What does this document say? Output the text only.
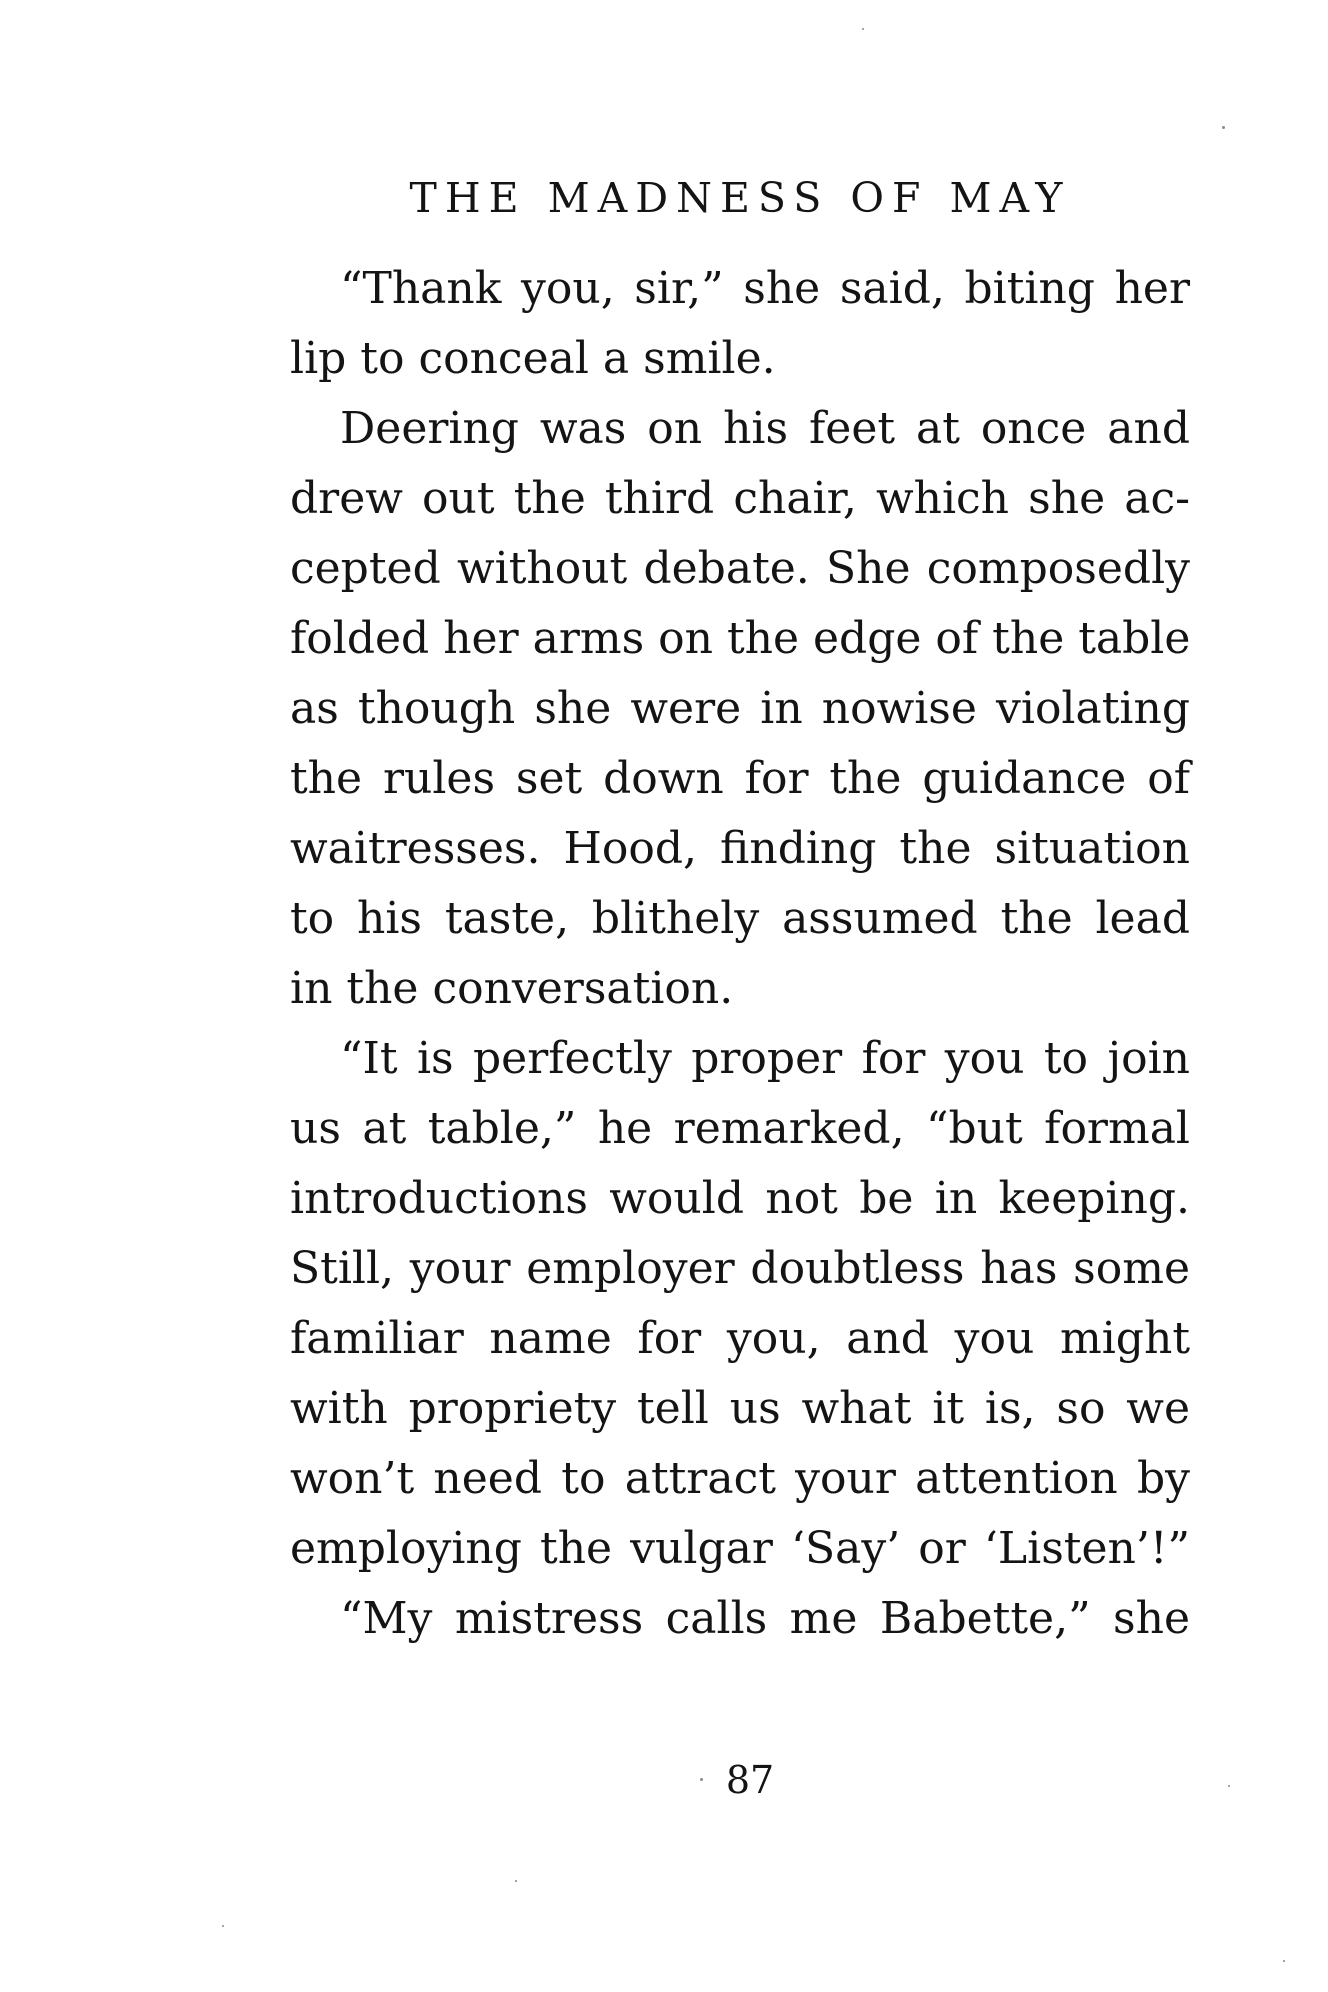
THE MADNESS OF MAY
“Thank you, sir,” she said, biting her
lip to conceal a smile.
Deering was on his feet at once and
drew out the third chair, which she ac-
cepted without debate. She composedly
folded her arms on the edge of the table
as though she were in nowise violating
the rules set down for the guidance of
waitresses. Hood, finding the situation
to his taste, blithely assumed the lead
in the conversation.
“It is perfectly proper for you to join
us at table,” he remarked, “but formal
introductions would not be in keeping.
Still, your employer doubtless has some
familiar name for you, and you might
with propriety tell us what it is, so we
won’t need to attract your attention by
employing the vulgar ‘Say’ or ‘Listen’!”
“My mistress calls me Babette,” she
87
